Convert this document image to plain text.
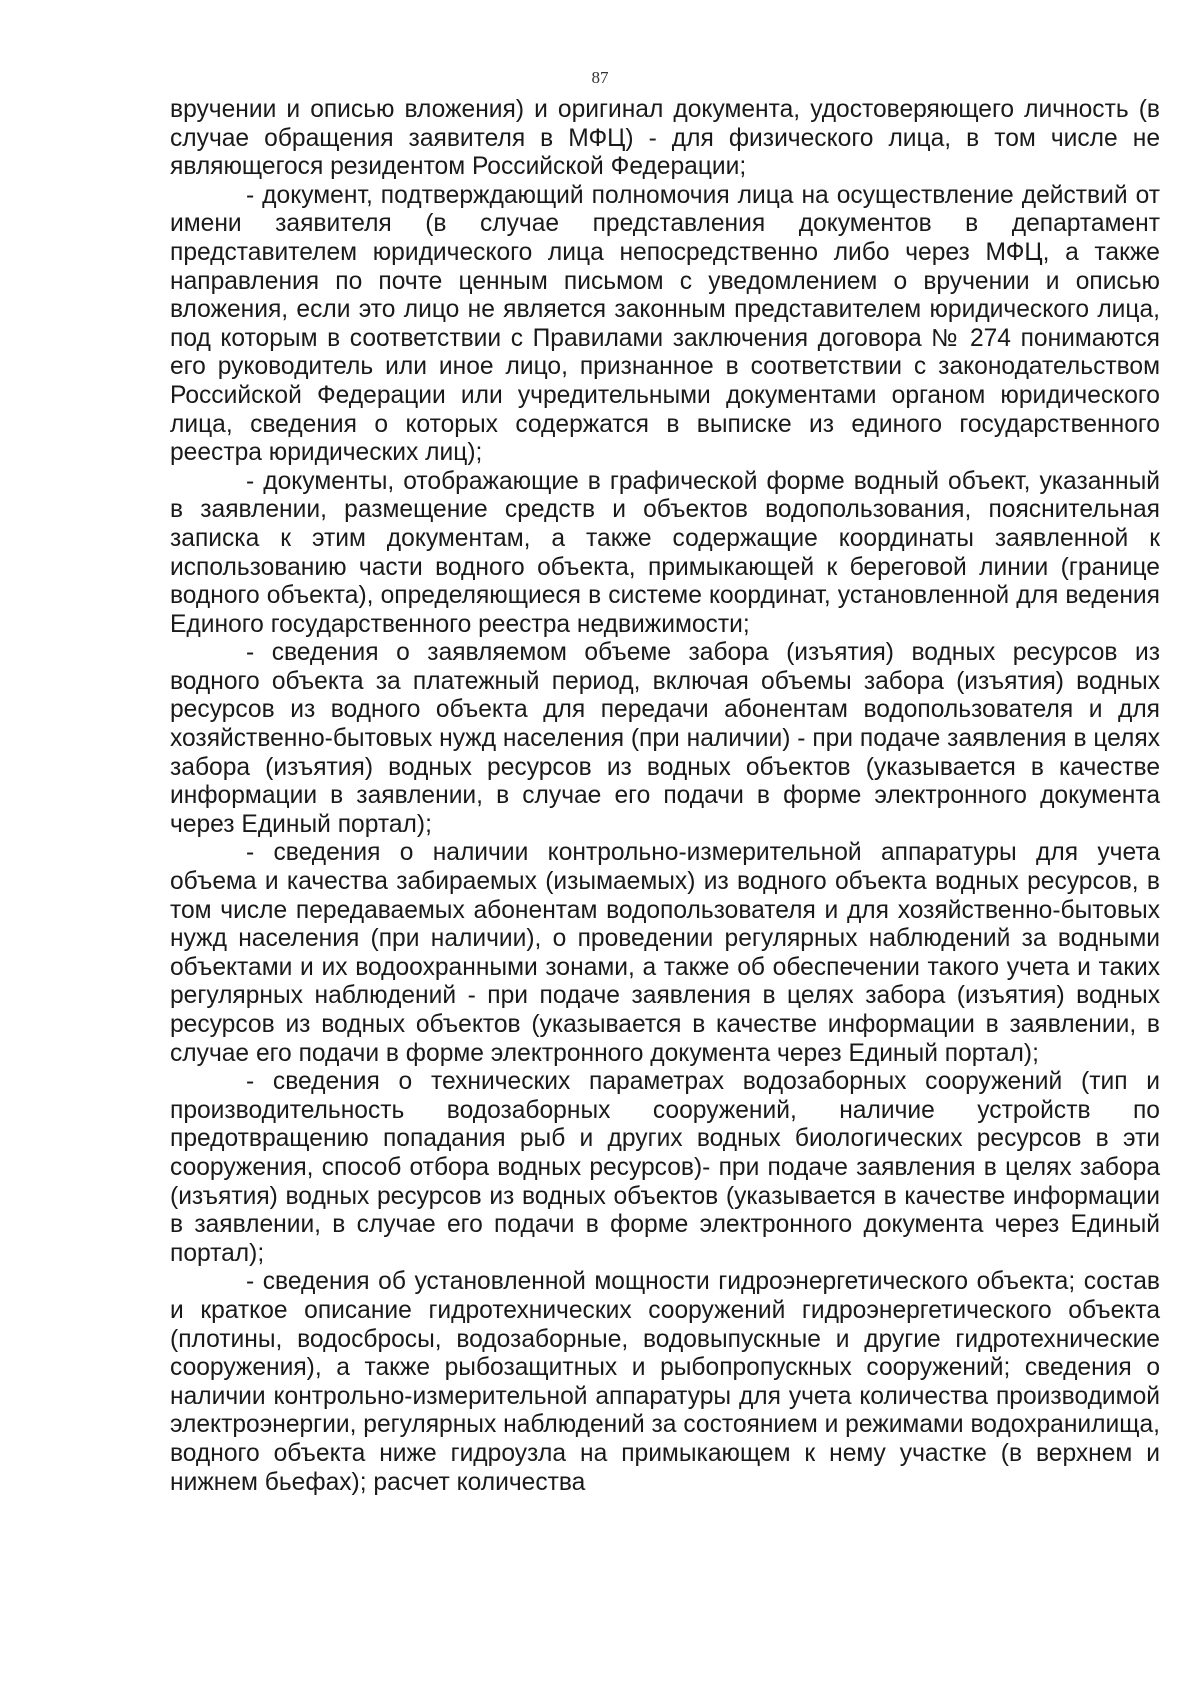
87

вручении и описью вложения) и оригинал документа, удостоверяющего личность (в случае обращения заявителя в МФЦ) - для физического лица, в том числе не являющегося резидентом Российской Федерации;

- документ, подтверждающий полномочия лица на осуществление действий от имени заявителя (в случае представления документов в департамент представителем юридического лица непосредственно либо через МФЦ, а также направления по почте ценным письмом с уведомлением о вручении и описью вложения, если это лицо не является законным представителем юридического лица, под которым в соответствии с Правилами заключения договора № 274 понимаются его руководитель или иное лицо, признанное в соответствии с законодательством Российской Федерации или учредительными документами органом юридического лица, сведения о которых содержатся в выписке из единого государственного реестра юридических лиц);

- документы, отображающие в графической форме водный объект, указанный в заявлении, размещение средств и объектов водопользования, пояснительная записка к этим документам, а также содержащие координаты заявленной к использованию части водного объекта, примыкающей к береговой линии (границе водного объекта), определяющиеся в системе координат, установленной для ведения Единого государственного реестра недвижимости;

- сведения о заявляемом объеме забора (изъятия) водных ресурсов из водного объекта за платежный период, включая объемы забора (изъятия) водных ресурсов из водного объекта для передачи абонентам водопользователя и для хозяйственно-бытовых нужд населения (при наличии) - при подаче заявления в целях забора (изъятия) водных ресурсов из водных объектов (указывается в качестве информации в заявлении, в случае его подачи в форме электронного документа через Единый портал);

- сведения о наличии контрольно-измерительной аппаратуры для учета объема и качества забираемых (изымаемых) из водного объекта водных ресурсов, в том числе передаваемых абонентам водопользователя и для хозяйственно-бытовых нужд населения (при наличии), о проведении регулярных наблюдений за водными объектами и их водоохранными зонами, а также об обеспечении такого учета и таких регулярных наблюдений - при подаче заявления в целях забора (изъятия) водных ресурсов из водных объектов (указывается в качестве информации в заявлении, в случае его подачи в форме электронного документа через Единый портал);

- сведения о технических параметрах водозаборных сооружений (тип и производительность водозаборных сооружений, наличие устройств по предотвращению попадания рыб и других водных биологических ресурсов в эти сооружения, способ отбора водных ресурсов)- при подаче заявления в целях забора (изъятия) водных ресурсов из водных объектов (указывается в качестве информации в заявлении, в случае его подачи в форме электронного документа через Единый портал);

- сведения об установленной мощности гидроэнергетического объекта; состав и краткое описание гидротехнических сооружений гидроэнергетического объекта (плотины, водосбросы, водозаборные, водовыпускные и другие гидротехнические сооружения), а также рыбозащитных и рыбопропускных сооружений; сведения о наличии контрольно-измерительной аппаратуры для учета количества производимой электроэнергии, регулярных наблюдений за состоянием и режимами водохранилища, водного объекта ниже гидроузла на примыкающем к нему участке (в верхнем и нижнем бьефах); расчет количества
